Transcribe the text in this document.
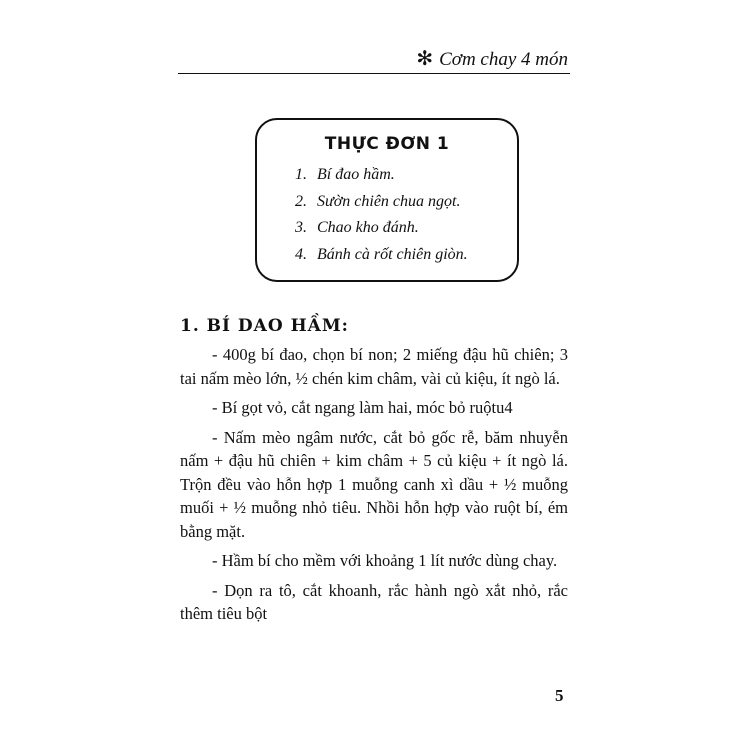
✻ Cơm chay 4 món
THỰC ĐƠN 1
1. Bí đao hầm.
2. Sườn chiên chua ngọt.
3. Chao kho đánh.
4. Bánh cà rốt chiên giòn.
1. BÍ DAO HẦM:

- 400g bí đao, chọn bí non; 2 miếng đậu hũ chiên; 3 tai nấm mèo lớn, ½ chén kim châm, vài củ kiệu, ít ngò lá.

- Bí gọt vỏ, cắt ngang làm hai, móc bỏ ruộtu4

- Nấm mèo ngâm nước, cắt bỏ gốc rễ, băm nhuyễn nấm + đậu hũ chiên + kim châm + 5 củ kiệu + ít ngò lá. Trộn đều vào hỗn hợp 1 muỗng canh xì dầu + ½ muỗng muối + ½ muỗng nhỏ tiêu. Nhồi hỗn hợp vào ruột bí, ém bằng mặt.

- Hầm bí cho mềm với khoảng 1 lít nước dùng chay.

- Dọn ra tô, cắt khoanh, rắc hành ngò xắt nhỏ, rắc thêm tiêu bột

5
